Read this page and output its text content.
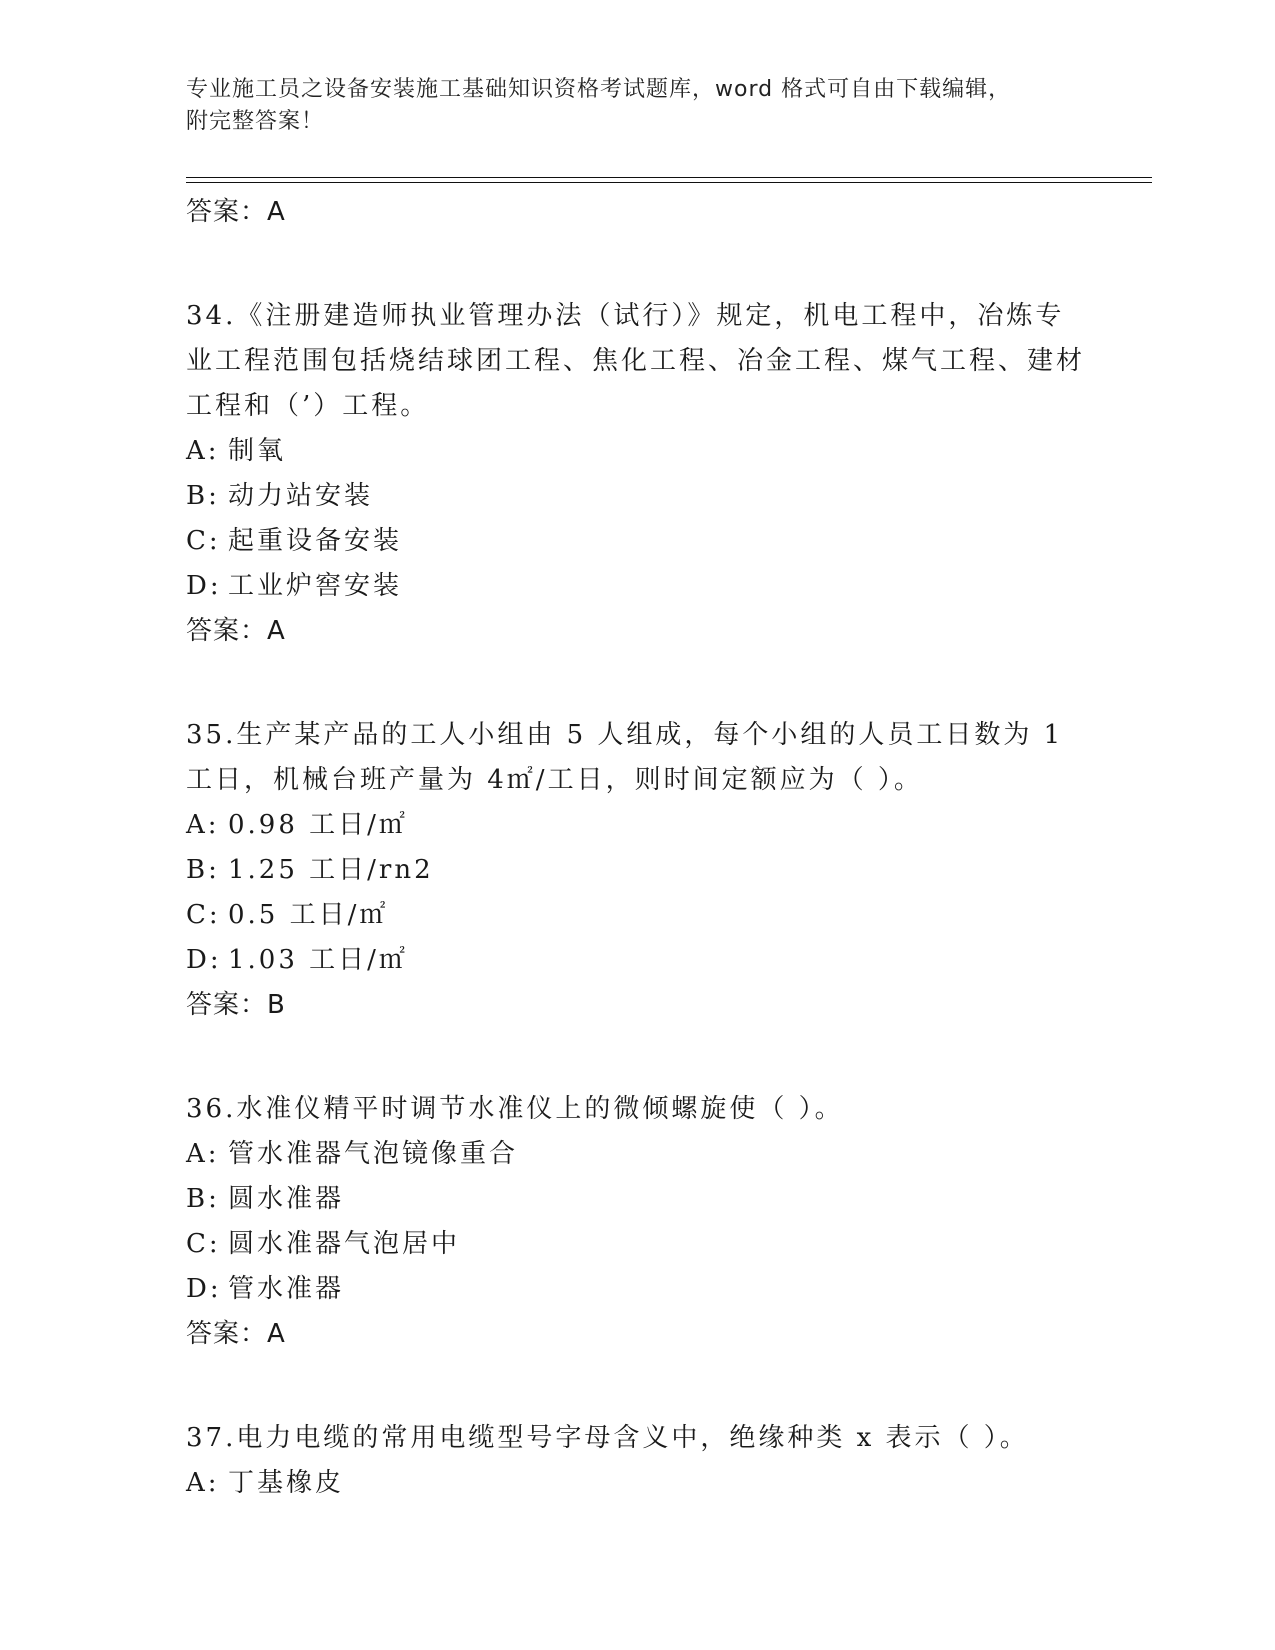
专业施工员之设备安装施工基础知识资格考试题库，word 格式可自由下载编辑，
附完整答案！
答案：A
34.《注册建造师执业管理办法（试行）》规定，机电工程中，冶炼专业工程范围包括烧结球团工程、焦化工程、冶金工程、煤气工程、建材工程和（’）工程。
A: 制氧
B: 动力站安装
C: 起重设备安装
D: 工业炉窖安装
答案：A
35.生产某产品的工人小组由 5 人组成，每个小组的人员工日数为 1 工日，机械台班产量为 4㎡/工日，则时间定额应为（ ）。
A: 0.98 工日/㎡
B: 1.25 工日/rn2
C: 0.5 工日/㎡
D: 1.03 工日/㎡
答案：B
36.水准仪精平时调节水准仪上的微倾螺旋使（ ）。
A: 管水准器气泡镜像重合
B: 圆水准器
C: 圆水准器气泡居中
D: 管水准器
答案：A
37.电力电缆的常用电缆型号字母含义中，绝缘种类 x 表示（ ）。
A: 丁基橡皮
